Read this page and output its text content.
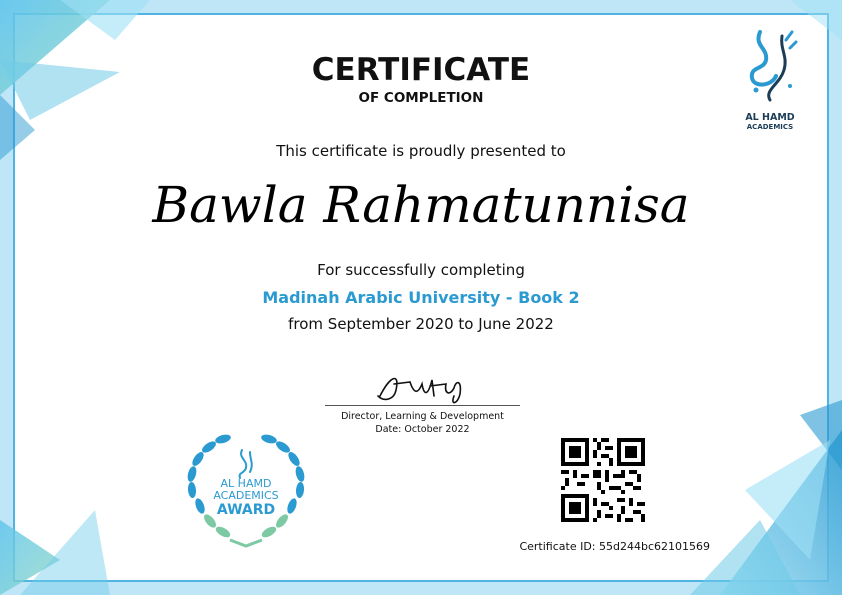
AL HAMD
ACADEMICS
CERTIFICATE
OF COMPLETION
This certificate is proudly presented to
Bawla Rahmatunnisa
For successfully completing
Madinah Arabic University - Book 2
from September 2020 to June 2022
Director, Learning & Development
Date: October 2022
AL HAMD
ACADEMICS
AWARD
Certificate ID: 55d244bc62101569
